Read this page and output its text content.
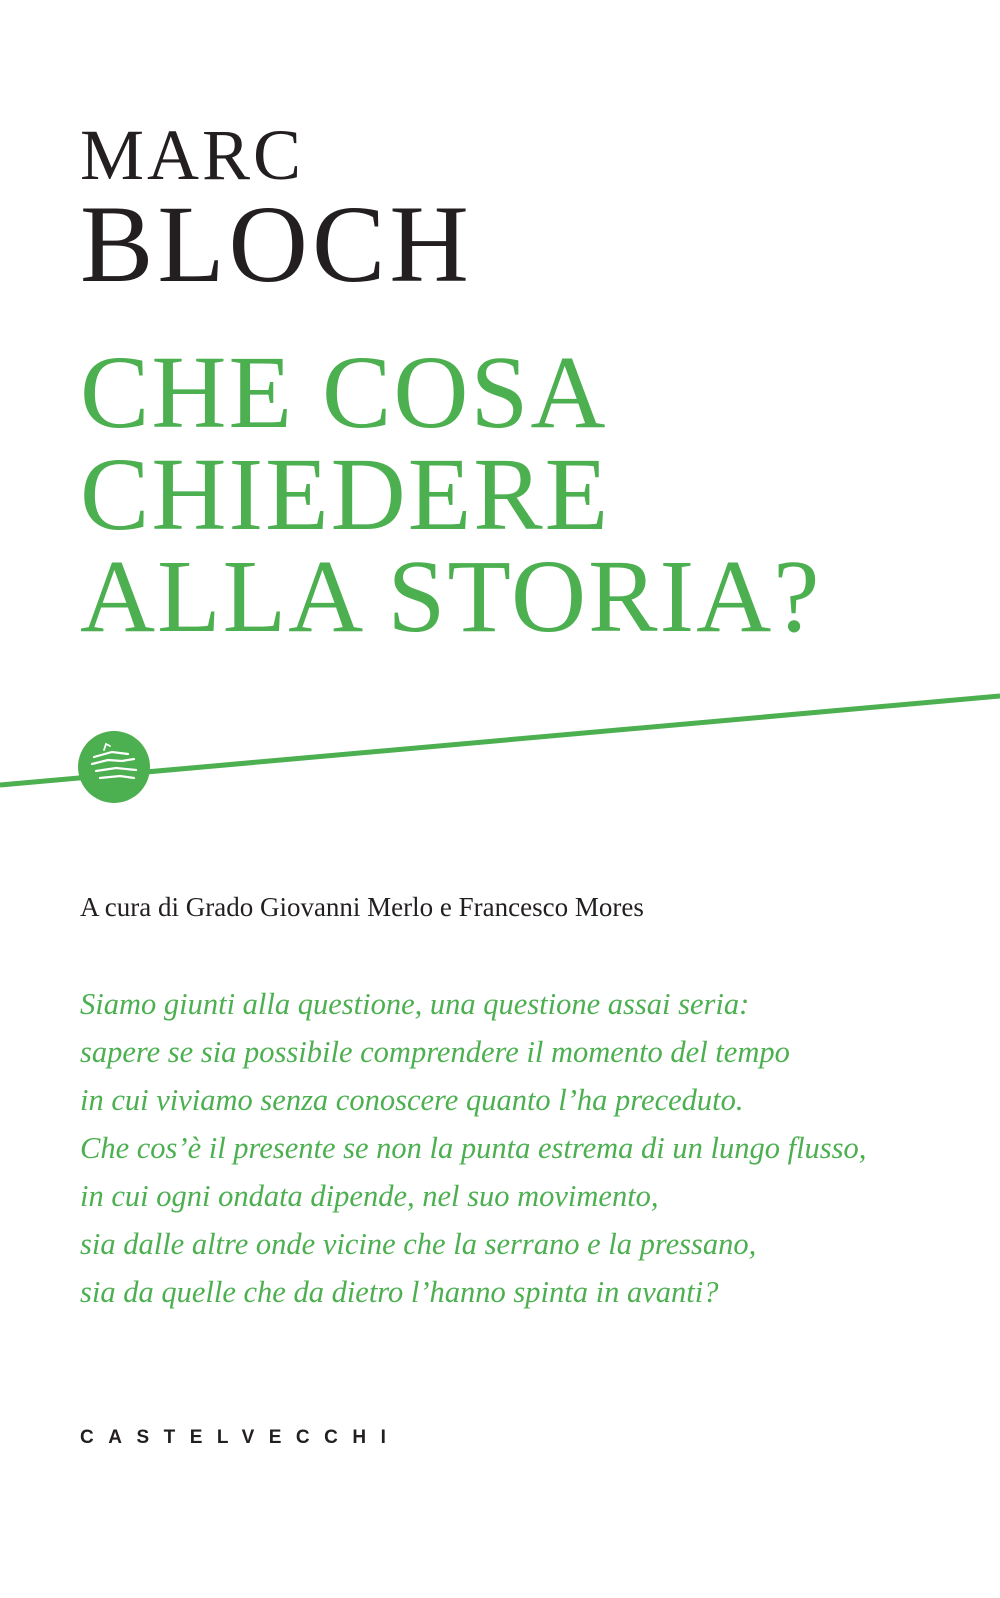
MARC
BLOCH
CHE COSA
CHIEDERE
ALLA STORIA?
A cura di Grado Giovanni Merlo e Francesco Mores
Siamo giunti alla questione, una questione assai seria:
sapere se sia possibile comprendere il momento del tempo
in cui viviamo senza conoscere quanto l’ha preceduto.
Che cos’è il presente se non la punta estrema di un lungo flusso,
in cui ogni ondata dipende, nel suo movimento,
sia dalle altre onde vicine che la serrano e la pressano,
sia da quelle che da dietro l’hanno spinta in avanti?
CASTELVECCHI
